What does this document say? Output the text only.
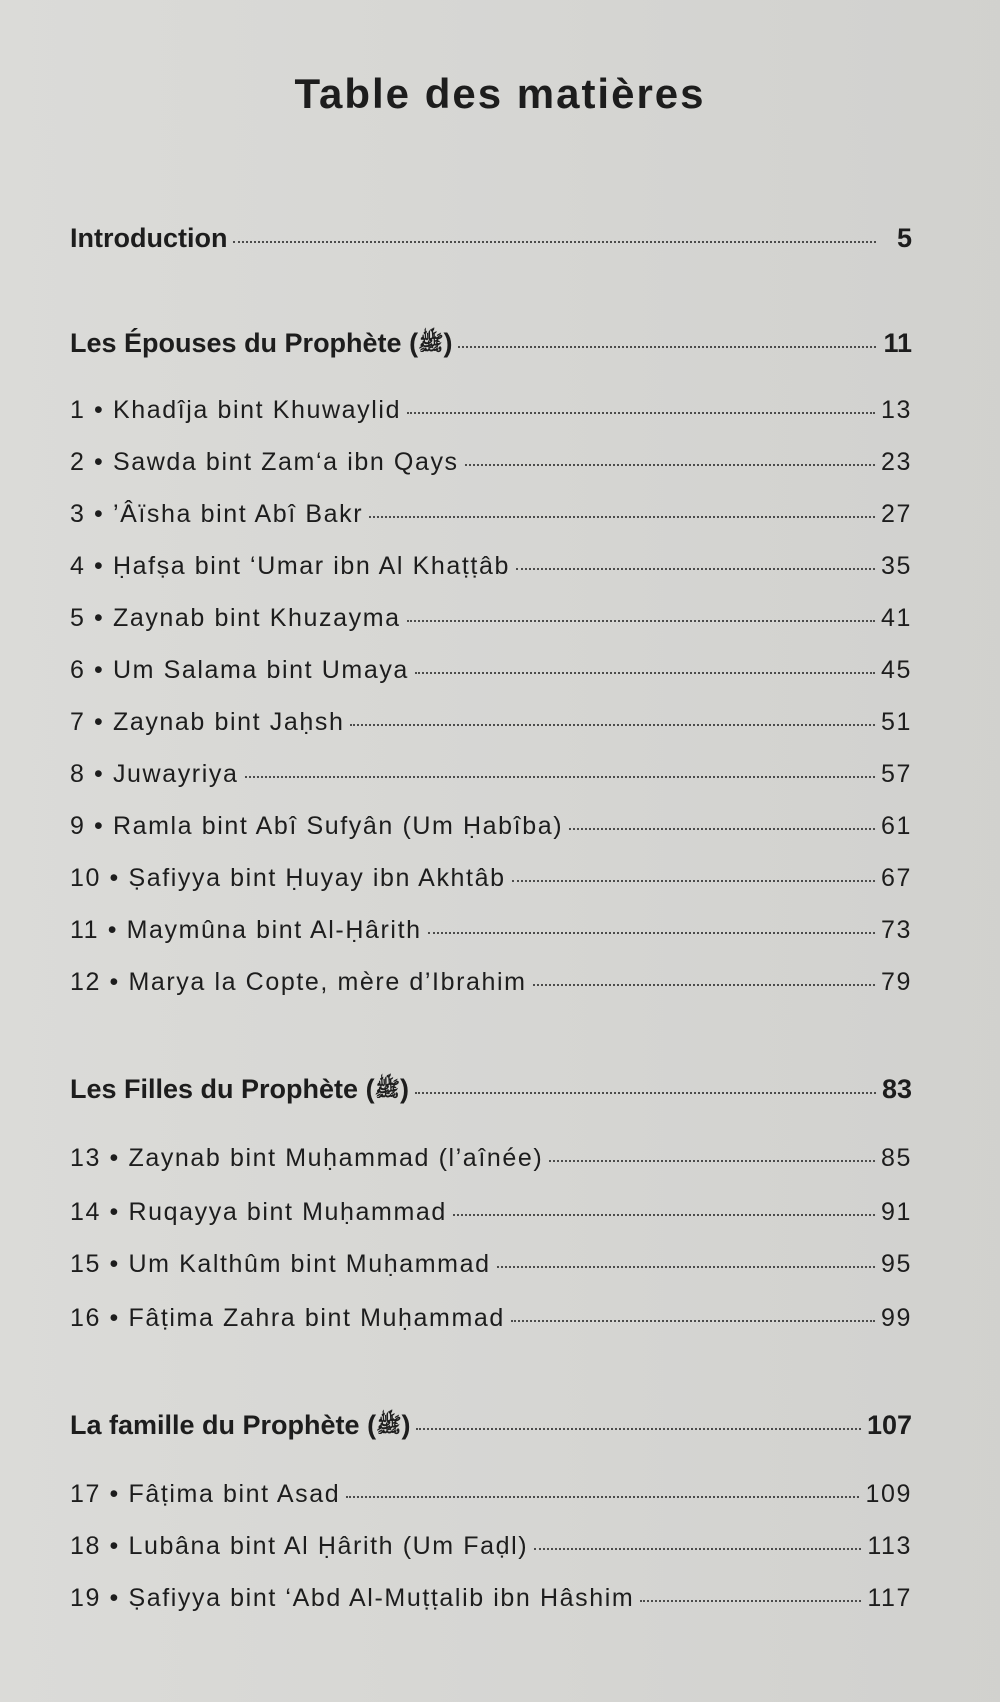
Table des matières
Introduction	5
Les Épouses du Prophète (ﷺ)	11
1 • Khadîja bint Khuwaylid	13
2 • Sawda bint Zam‘a ibn Qays	23
3 • ’Âïsha bint Abî Bakr	27
4 • Ḥafṣa bint ‘Umar ibn Al Khaṭṭâb	35
5 • Zaynab bint Khuzayma	41
6 • Um Salama bint Umaya	45
7 • Zaynab bint Jaḥsh	51
8 • Juwayriya	57
9 • Ramla bint Abî Sufyân (Um Ḥabîba)	61
10 • Ṣafiyya bint Ḥuyay ibn Akhtâb	67
11 • Maymûna bint Al-Ḥârith	73
12 • Marya la Copte, mère d’Ibrahim	79
Les Filles du Prophète (ﷺ)	83
13 • Zaynab bint Muḥammad (l’aînée)	85
14 • Ruqayya bint Muḥammad	91
15 • Um Kalthûm bint Muḥammad	95
16 • Fâṭima Zahra bint Muḥammad	99
La famille du Prophète (ﷺ)	107
17 • Fâṭima bint Asad	109
18 • Lubâna bint Al Ḥârith (Um Faḍl)	113
19 • Ṣafiyya bint ‘Abd Al-Muṭṭalib ibn Hâshim	117
